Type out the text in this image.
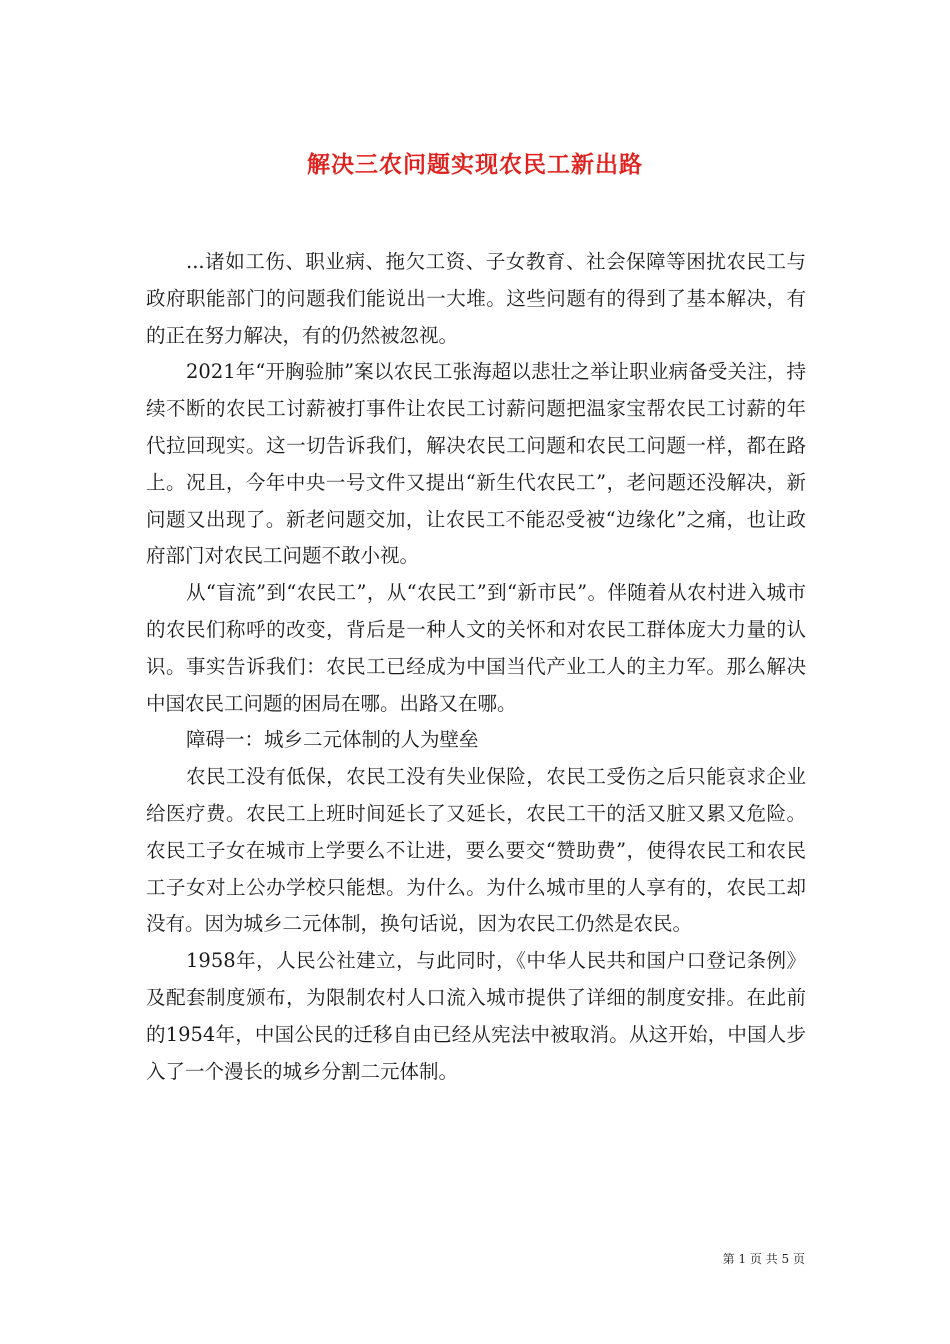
解决三农问题实现农民工新出路

...诸如工伤、职业病、拖欠工资、子女教育、社会保障等困扰农民工与政府职能部门的问题我们能说出一大堆。这些问题有的得到了基本解决，有的正在努力解决，有的仍然被忽视。

2021年“开胸验肺”案以农民工张海超以悲壮之举让职业病备受关注，持续不断的农民工讨薪被打事件让农民工讨薪问题把温家宝帮农民工讨薪的年代拉回现实。这一切告诉我们，解决农民工问题和农民工问题一样，都在路上。况且，今年中央一号文件又提出“新生代农民工”，老问题还没解决，新问题又出现了。新老问题交加，让农民工不能忍受被“边缘化”之痛，也让政府部门对农民工问题不敢小视。

从“盲流”到“农民工”，从“农民工”到“新市民”。伴随着从农村进入城市的农民们称呼的改变，背后是一种人文的关怀和对农民工群体庞大力量的认识。事实告诉我们：农民工已经成为中国当代产业工人的主力军。那么解决中国农民工问题的困局在哪。出路又在哪。

障碍一：城乡二元体制的人为壁垒

农民工没有低保，农民工没有失业保险，农民工受伤之后只能哀求企业给医疗费。农民工上班时间延长了又延长，农民工干的活又脏又累又危险。农民工子女在城市上学要么不让进，要么要交“赞助费”，使得农民工和农民工子女对上公办学校只能想。为什么。为什么城市里的人享有的，农民工却没有。因为城乡二元体制，换句话说，因为农民工仍然是农民。

1958年，人民公社建立，与此同时，《中华人民共和国户口登记条例》及配套制度颁布，为限制农村人口流入城市提供了详细的制度安排。在此前的1954年，中国公民的迁移自由已经从宪法中被取消。从这开始，中国人步入了一个漫长的城乡分割二元体制。

第 1 页 共 5 页
